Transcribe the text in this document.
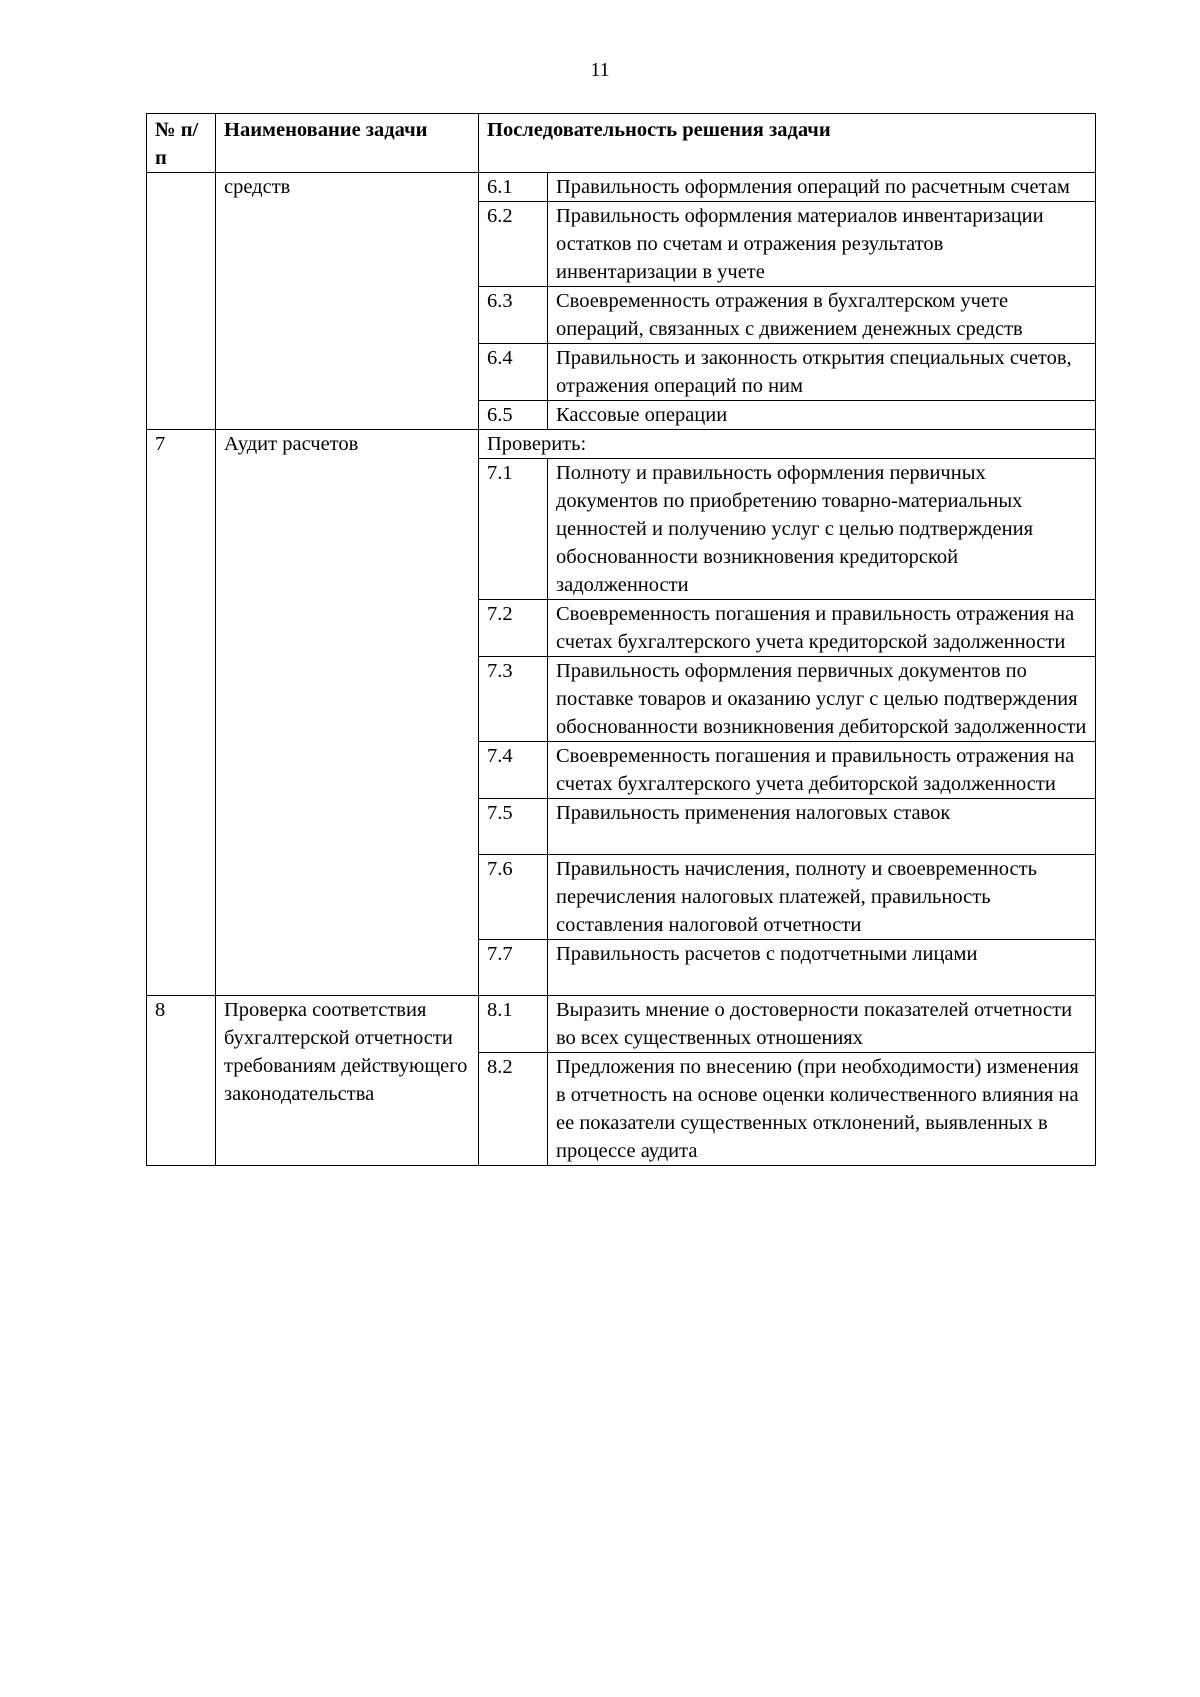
11
№ п/п	Наименование задачи	Последовательность решения задачи	
	средств	6.1	Правильность оформления операций по расчетным счетам
		6.2	Правильность оформления материалов инвентаризации остатков по счетам и отражения результатов инвентаризации в учете
		6.3	Своевременность отражения в бухгалтерском учете операций, связанных с движением денежных средств
		6.4	Правильность и законность открытия специальных счетов, отражения операций по ним
		6.5	Кассовые операции
7	Аудит расчетов	Проверить:	
		7.1	Полноту и правильность оформления первичных документов по приобретению товарно-материальных ценностей и получению услуг с целью подтверждения обоснованности возникновения кредиторской задолженности
		7.2	Своевременность погашения и правильность отражения на счетах бухгалтерского учета кредиторской задолженности
		7.3	Правильность оформления первичных документов по поставке товаров и оказанию услуг с целью подтверждения обоснованности возникновения дебиторской задолженности
		7.4	Своевременность погашения и правильность отражения на счетах бухгалтерского учета дебиторской задолженности
		7.5	Правильность применения налоговых ставок
		7.6	Правильность начисления, полноту и своевременность перечисления налоговых платежей, правильность составления налоговой отчетности
		7.7	Правильность расчетов с подотчетными лицами
8	Проверка соответствия бухгалтерской отчетности требованиям действующего законодательства	8.1	Выразить мнение о достоверности показателей отчетности во всех существенных отношениях
		8.2	Предложения по внесению (при необходимости) изменения в отчетность на основе оценки количественного влияния на ее показатели существенных отклонений, выявленных в процессе аудита
